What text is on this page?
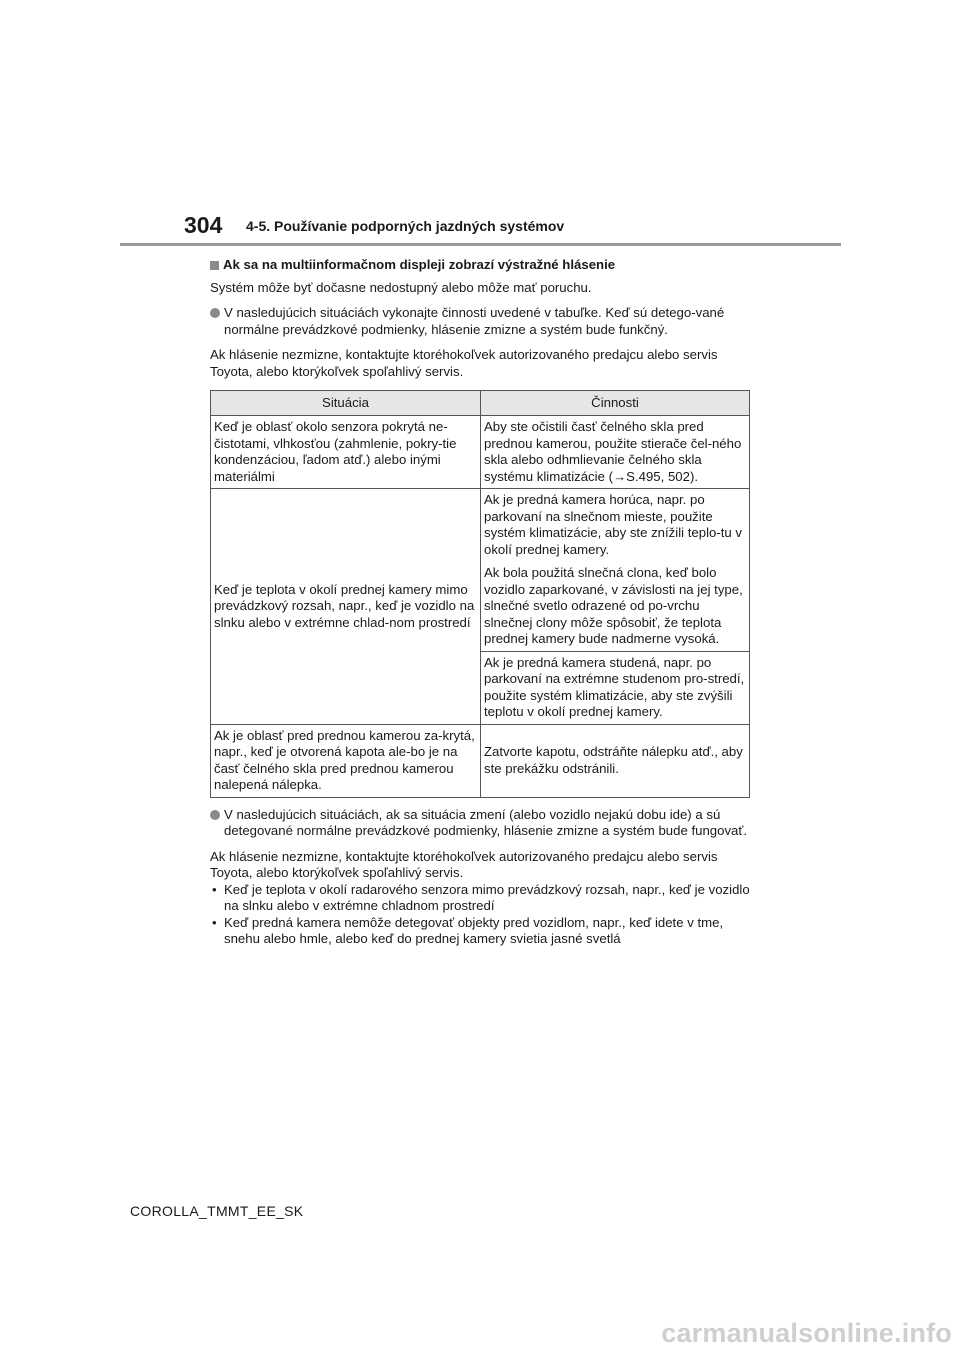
304 4-5. Používanie podporných jazdných systémov
Ak sa na multiinformačnom displeji zobrazí výstražné hlásenie

Systém môže byť dočasne nedostupný alebo môže mať poruchu.

V nasledujúcich situáciách vykonajte činnosti uvedené v tabuľke. Keď sú detego-vané normálne prevádzkové podmienky, hlásenie zmizne a systém bude funkčný.

Ak hlásenie nezmizne, kontaktujte ktoréhokoľvek autorizovaného predajcu alebo servis Toyota, alebo ktorýkoľvek spoľahlivý servis.

Situácia	Činnosti
Keď je oblasť okolo senzora pokrytá ne-čistotami, vlhkosťou (zahmlenie, pokry-tie kondenzáciou, ľadom atď.) alebo inými materiálmi	Aby ste očistili časť čelného skla pred prednou kamerou, použite stierače čel-ného skla alebo odhmlievanie čelného skla systému klimatizácie (→S.495, 502).

Keď je teplota v okolí prednej kamery mimo prevádzkový rozsah, napr., keď je vozidlo na slnku alebo v extrémne chlad-nom prostredí	Ak je predná kamera horúca, napr. po parkovaní na slnečnom mieste, použite systém klimatizácie, aby ste znížili teplo-tu v okolí prednej kamery.
Ak bola použitá slnečná clona, keď bolo vozidlo zaparkované, v závislosti na jej type, slnečné svetlo odrazené od po-vrchu slnečnej clony môže spôsobiť, že teplota prednej kamery bude nadmerne vysoká.

	Ak je predná kamera studená, napr. po parkovaní na extrémne studenom pro-stredí, použite systém klimatizácie, aby ste zvýšili teplotu v okolí prednej kamery.

Ak je oblasť pred prednou kamerou za-krytá, napr., keď je otvorená kapota ale-bo je na časť čelného skla pred prednou kamerou nalepená nálepka.	Zatvorte kapotu, odstráňte nálepku atď., aby ste prekážku odstránili.
V nasledujúcich situáciách, ak sa situácia zmení (alebo vozidlo nejakú dobu ide) a sú detegované normálne prevádzkové podmienky, hlásenie zmizne a systém bude fungovať.

Ak hlásenie nezmizne, kontaktujte ktoréhokoľvek autorizovaného predajcu alebo servis Toyota, alebo ktorýkoľvek spoľahlivý servis.

• Keď je teplota v okolí radarového senzora mimo prevádzkový rozsah, napr., keď je vozidlo na slnku alebo v extrémne chladnom prostredí
• Keď predná kamera nemôže detegovať objekty pred vozidlom, napr., keď idete v tme, snehu alebo hmle, alebo keď do prednej kamery svietia jasné svetlá
COROLLA_TMMT_EE_SK
carmanualsonline.info
